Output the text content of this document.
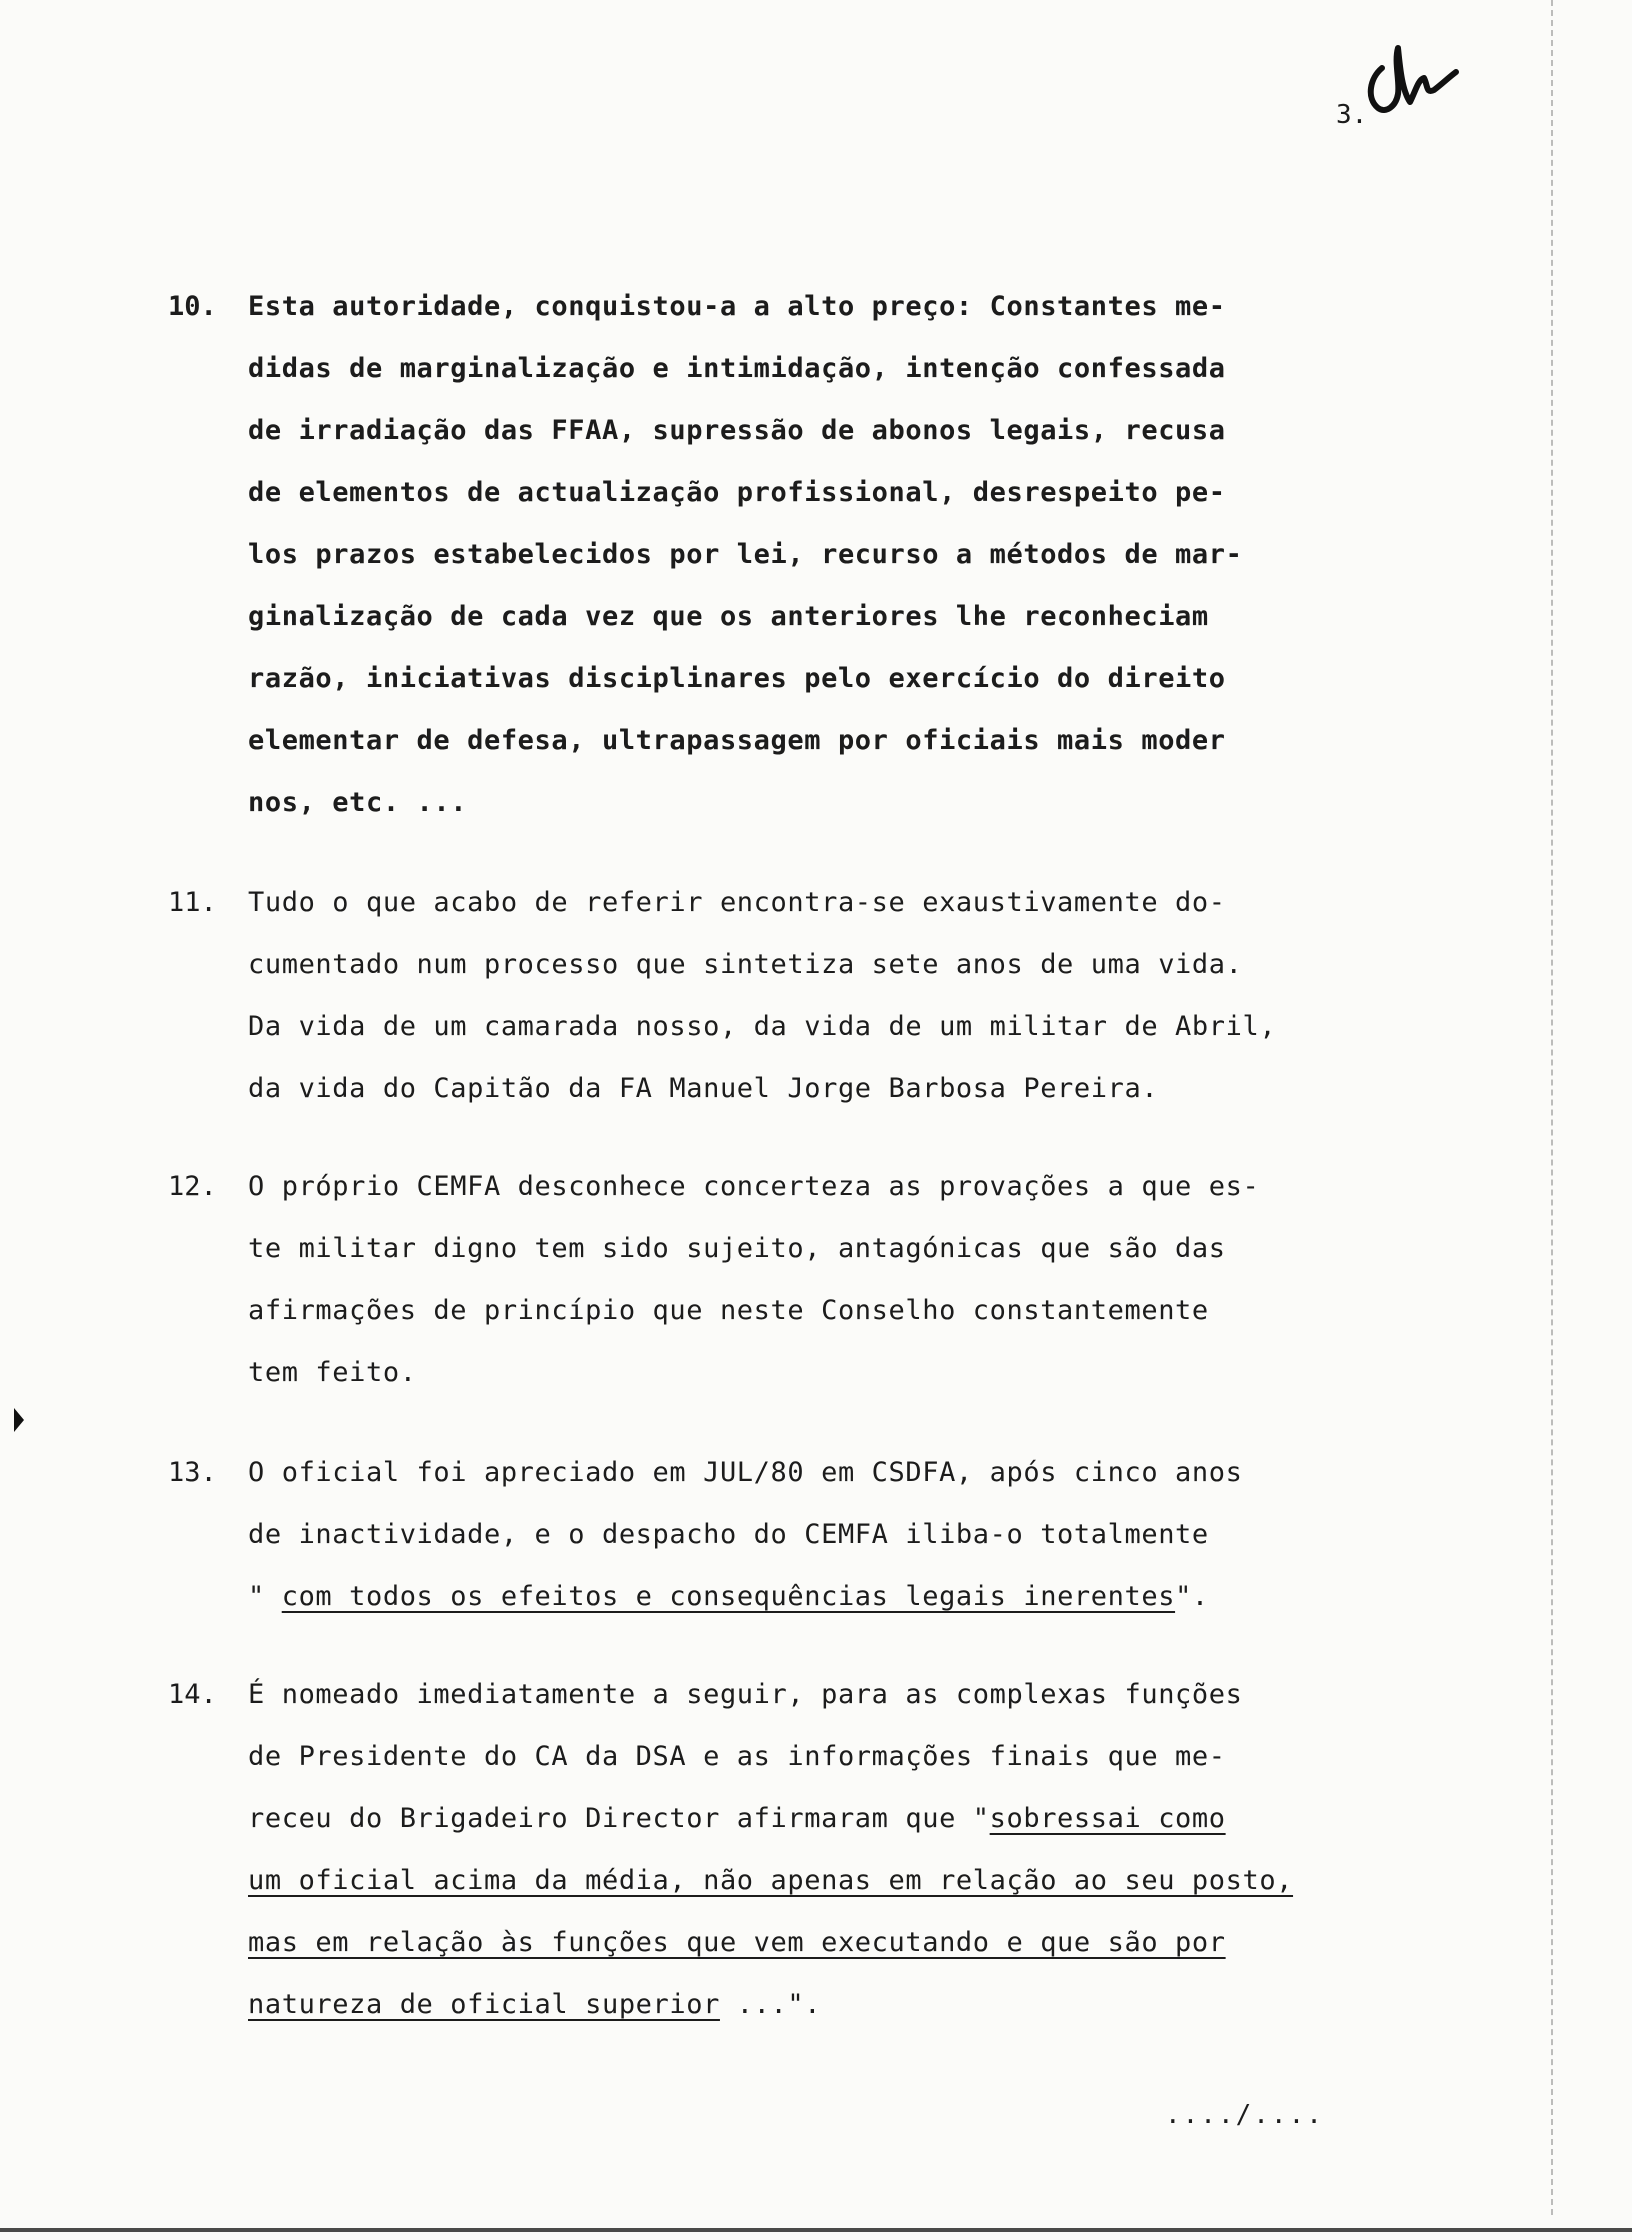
3.
10. Esta autoridade, conquistou-a a alto preço: Constantes me-
didas de marginalização e intimidação, intenção confessada
de irradiação das FFAA, supressão de abonos legais, recusa
de elementos de actualização profissional, desrespeito pe-
los prazos estabelecidos por lei, recurso a métodos de mar-
ginalização de cada vez que os anteriores lhe reconheciam
razão, iniciativas disciplinares pelo exercício do direito
elementar de defesa, ultrapassagem por oficiais mais moder
nos, etc. ...
11. Tudo o que acabo de referir encontra-se exaustivamente do-
cumentado num processo que sintetiza sete anos de uma vida.
Da vida de um camarada nosso, da vida de um militar de Abril,
da vida do Capitão da FA Manuel Jorge Barbosa Pereira.
12. O próprio CEMFA desconhece concerteza as provações a que es-
te militar digno tem sido sujeito, antagónicas que são das
afirmações de princípio que neste Conselho constantemente
tem feito.
13. O oficial foi apreciado em JUL/80 em CSDFA, após cinco anos
de inactividade, e o despacho do CEMFA iliba-o totalmente
" com todos os efeitos e consequências legais inerentes".
14. É nomeado imediatamente a seguir, para as complexas funções
de Presidente do CA da DSA e as informações finais que me-
receu do Brigadeiro Director afirmaram que "sobressai como
um oficial acima da média, não apenas em relação ao seu posto,
mas em relação às funções que vem executando e que são por
natureza de oficial superior ...".
..../....
